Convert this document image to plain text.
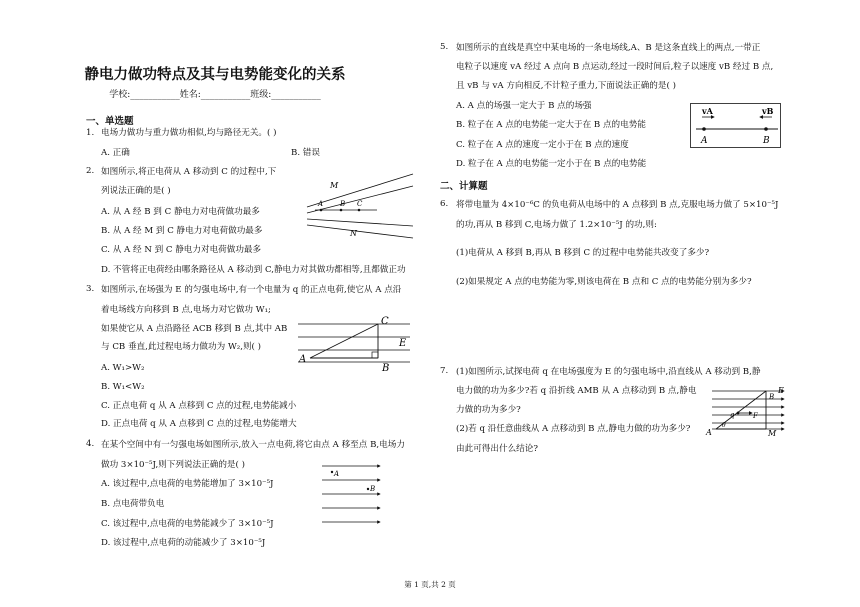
静电力做功特点及其与电势能变化的关系
学校:___________姓名:___________班级:___________
一、单选题
1. 电场力做功与重力做功相似,均与路径无关。( )
A. 正确	B. 错误
2. 如图所示,将正电荷从 A 移动到 C 的过程中,下
列说法正确的是( )
A. 从 A 经 B 到 C 静电力对电荷做功最多
B. 从 A 经 M 到 C 静电力对电荷做功最多
C. 从 A 经 N 到 C 静电力对电荷做功最多
D. 不管将正电荷经由哪条路径从 A 移动到 C,静电力对其做功都相等,且都做正功
M
A B C
N
3. 如图所示,在场强为 E 的匀强电场中,有一个电量为 q 的正点电荷,使它从 A 点沿
着电场线方向移到 B 点,电场力对它做功 W₁;
如果使它从 A 点沿路径 ACB 移到 B 点,其中 AB
与 CB 垂直,此过程电场力做功为 W₂,则( )
A. W₁>W₂
B. W₁<W₂
C. 正点电荷 q 从 A 点移到 C 点的过程,电势能减小
D. 正点电荷 q 从 A 点移到 C 点的过程,电势能增大
C
E
A
B
4. 在某个空间中有一匀强电场如图所示,放入一点电荷,将它由点 A 移至点 B,电场力
做功 3×10⁻⁵J,则下列说法正确的是( )
A. 该过程中,点电荷的电势能增加了 3×10⁻⁵J
B. 点电荷带负电
C. 该过程中,点电荷的电势能减少了 3×10⁻⁵J
D. 该过程中,点电荷的动能减少了 3×10⁻⁵J
A
B
5. 如图所示的直线是真空中某电场的一条电场线,A、B 是这条直线上的两点,一带正
电粒子以速度 vA 经过 A 点向 B 点运动,经过一段时间后,粒子以速度 vB 经过 B 点,
且 vB 与 vA 方向相反,不计粒子重力,下面说法正确的是( )
A. A 点的场强一定大于 B 点的场强
B. 粒子在 A 点的电势能一定大于在 B 点的电势能
C. 粒子在 A 点的速度一定小于在 B 点的速度
D. 粒子在 A 点的电势能一定小于在 B 点的电势能
vA	vB
A	B
二、计算题
6. 将带电量为 4×10⁻⁶C 的负电荷从电场中的 A 点移到 B 点,克服电场力做了 5×10⁻⁵J
的功,再从 B 移到 C,电场力做了 1.2×10⁻⁵J 的功,则:
(1)电荷从 A 移到 B,再从 B 移到 C 的过程中电势能共改变了多少?
(2)如果规定 A 点的电势能为零,则该电荷在 B 点和 C 点的电势能分别为多少?
7. (1)如图所示,试探电荷 q 在电场强度为 E 的匀强电场中,沿直线从 A 移动到 B,静
电力做的功为多少?若 q 沿折线 AMB 从 A 点移动到 B 点,静电
力做的功为多少?
(2)若 q 沿任意曲线从 A 点移动到 B 点,静电力做的功为多少?
由此可得出什么结论?
q	F
θ
E
B
A	M
第 1 页,共 2 页
